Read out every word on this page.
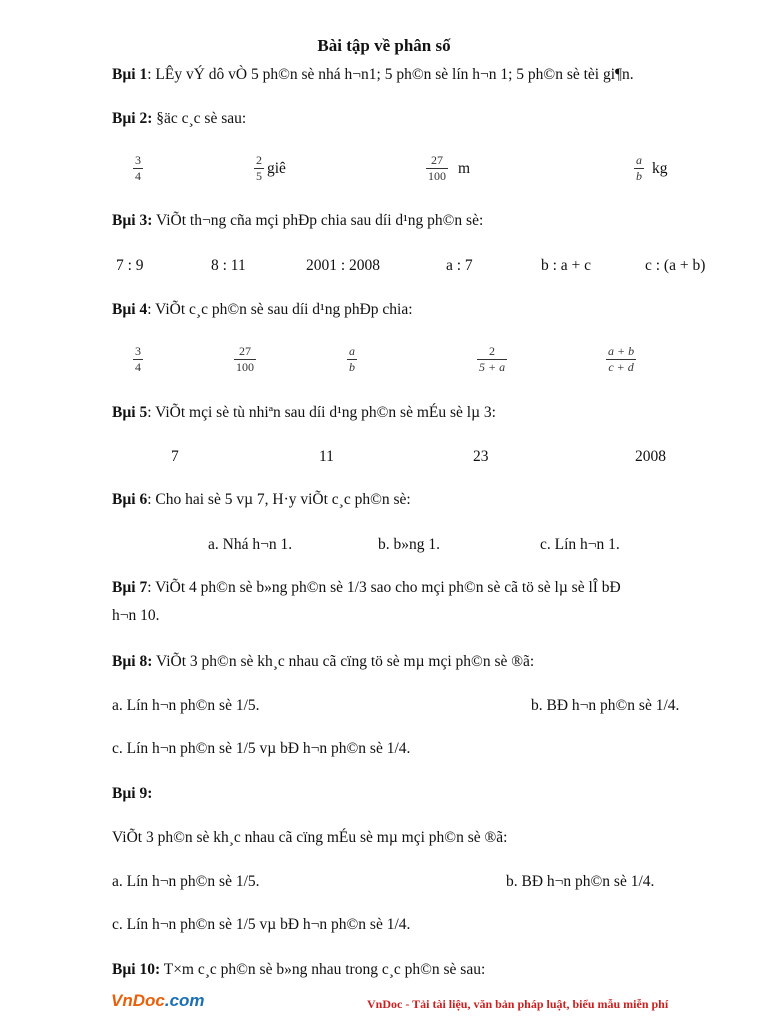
Bài tập về phân số
Bµi 1: LÊy vÝ dô vÒ 5 ph©n sè nhá h¬n1; 5 ph©n sè lín h¬n 1; 5 ph©n sè tèi gi¶n.
Bµi 2: §äc c¸c sè sau:
3
4
2
5 giê	27
100 m	a
b kg
Bµi 3: ViÕt th¬ng cña mçi phÐp chia sau díi d¹ng ph©n sè:
7 : 9	8 : 11	2001 : 2008	a : 7	b : a + c	c : (a + b)
Bµi 4: ViÕt c¸c ph©n sè sau díi d¹ng phÐp chia:
3
4
27
100
a
b
2
5 + a
a + b
c + d
Bµi 5: ViÕt mçi sè tù nhiªn sau díi d¹ng ph©n sè mÉu sè lµ 3:
7	11	23	2008
Bµi 6: Cho hai sè 5 vµ 7, H·y viÕt c¸c ph©n sè:
a. Nhá h¬n 1.	b. b»ng 1.	c. Lín h¬n 1.
Bµi 7: ViÕt 4 ph©n sè b»ng ph©n sè 1/3 sao cho mçi ph©n sè cã tö sè lµ sè lÎ bÐ
h¬n 10.
Bµi 8: ViÕt 3 ph©n sè kh¸c nhau cã cïng tö sè mµ mçi ph©n sè ®ã:
a. Lín h¬n ph©n sè 1/5.	b. BÐ h¬n ph©n sè 1/4.
c. Lín h¬n ph©n sè 1/5 vµ bÐ h¬n ph©n sè 1/4.
Bµi 9:
ViÕt 3 ph©n sè kh¸c nhau cã cïng mÉu sè mµ mçi ph©n sè ®ã:
a. Lín h¬n ph©n sè 1/5.	b. BÐ h¬n ph©n sè 1/4.
c. Lín h¬n ph©n sè 1/5 vµ bÐ h¬n ph©n sè 1/4.
Bµi 10: T×m c¸c ph©n sè b»ng nhau trong c¸c ph©n sè sau:
VnDoc.com	VnDoc - Tải tài liệu, văn bản pháp luật, biểu mẫu miễn phí
